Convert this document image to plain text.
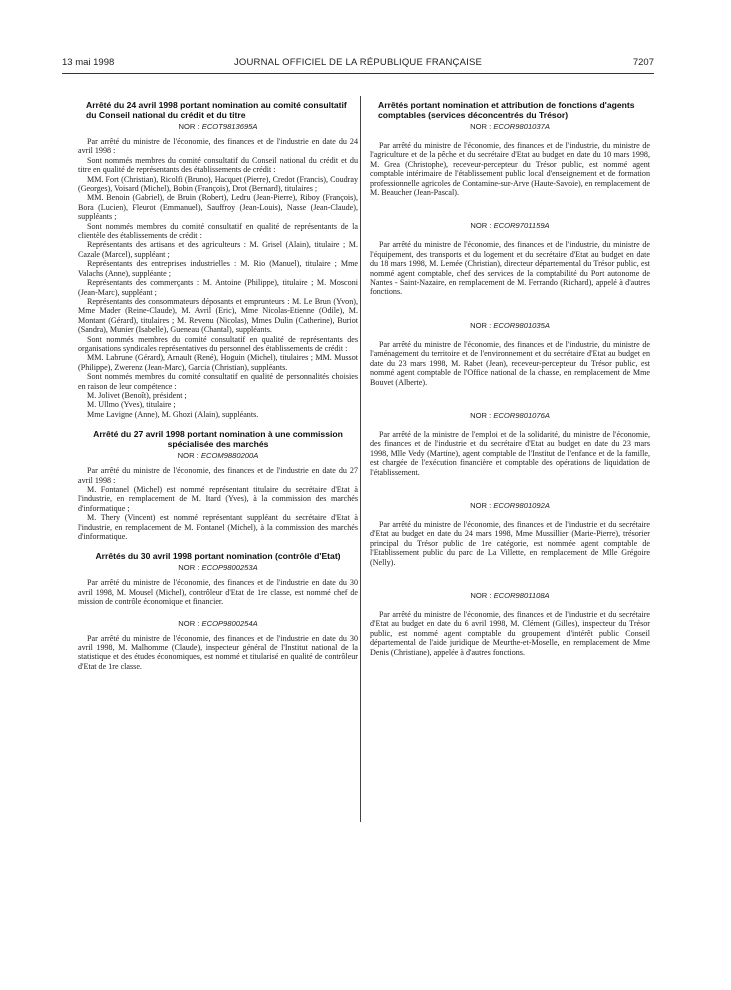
13 mai 1998	JOURNAL OFFICIEL DE LA RÉPUBLIQUE FRANÇAISE	7207
Arrêté du 24 avril 1998 portant nomination au comité consultatif du Conseil national du crédit et du titre
NOR : ECOT9813695A

Par arrêté du ministre de l'économie, des finances et de l'industrie en date du 24 avril 1998 :

Sont nommés membres du comité consultatif du Conseil national du crédit et du titre en qualité de représentants des établissements de crédit :

MM. Fort (Christian), Ricolfi (Bruno), Hacquet (Pierre), Credot (Francis), Coudray (Georges), Voisard (Michel), Bobin (François), Drot (Bernard), titulaires ;

MM. Benoin (Gabriel), de Bruin (Robert), Ledru (Jean-Pierre), Riboy (François), Bora (Lucien), Fleurot (Emmanuel), Sauffroy (Jean-Louis), Nasse (Jean-Claude), suppléants ;

Sont nommés membres du comité consultatif en qualité de représentants de la clientèle des établissements de crédit :

Représentants des artisans et des agriculteurs : M. Grisel (Alain), titulaire ; M. Cazale (Marcel), suppléant ;

Représentants des entreprises industrielles : M. Rio (Manuel), titulaire ; Mme Valachs (Anne), suppléante ;

Représentants des commerçants : M. Antoine (Philippe), titulaire ; M. Mosconi (Jean-Marc), suppléant ;

Représentants des consommateurs déposants et emprunteurs : M. Le Brun (Yvon), Mme Mader (Reine-Claude), M. Avril (Eric), Mme Nicolas-Etienne (Odile), M. Montant (Gérard), titulaires ; M. Revenu (Nicolas), Mmes Dulin (Catherine), Buriot (Sandra), Munier (Isabelle), Gueneau (Chantal), suppléants.

Sont nommés membres du comité consultatif en qualité de représentants des organisations syndicales représentatives du personnel des établissements de crédit :

MM. Labrune (Gérard), Arnault (René), Hoguin (Michel), titulaires ; MM. Mussot (Philippe), Zwerenz (Jean-Marc), Garcia (Christian), suppléants.

Sont nommés membres du comité consultatif en qualité de personnalités choisies en raison de leur compétence :

M. Jolivet (Benoît), président ;

M. Ullmo (Yves), titulaire ;

Mme Lavigne (Anne), M. Ghozi (Alain), suppléants.

Arrêté du 27 avril 1998 portant nomination à une commission spécialisée des marchés
NOR : ECOM9880200A

Par arrêté du ministre de l'économie, des finances et de l'industrie en date du 27 avril 1998 :

M. Fontanel (Michel) est nommé représentant titulaire du secrétaire d'Etat à l'industrie, en remplacement de M. Itard (Yves), à la commission des marchés d'informatique ;

M. Thery (Vincent) est nommé représentant suppléant du secrétaire d'Etat à l'industrie, en remplacement de M. Fontanel (Michel), à la commission des marchés d'informatique.

Arrêtés du 30 avril 1998 portant nomination (contrôle d'Etat)
NOR : ECOP9800253A

Par arrêté du ministre de l'économie, des finances et de l'industrie en date du 30 avril 1998, M. Mousel (Michel), contrôleur d'Etat de 1re classe, est nommé chef de mission de contrôle économique et financier.

NOR : ECOP9800254A

Par arrêté du ministre de l'économie, des finances et de l'industrie en date du 30 avril 1998, M. Malhomme (Claude), inspecteur général de l'Institut national de la statistique et des études économiques, est nommé et titularisé en qualité de contrôleur d'Etat de 1re classe.

Arrêtés portant nomination et attribution de fonctions d'agents comptables (services déconcentrés du Trésor)
NOR : ECOR9801037A

Par arrêté du ministre de l'économie, des finances et de l'industrie, du ministre de l'agriculture et de la pêche et du secrétaire d'Etat au budget en date du 10 mars 1998, M. Grea (Christophe), receveur-percepteur du Trésor public, est nommé agent comptable intérimaire de l'établissement public local d'enseignement et de formation professionnelle agricoles de Contamine-sur-Arve (Haute-Savoie), en remplacement de M. Beaucher (Jean-Pascal).

NOR : ECOR9701159A

Par arrêté du ministre de l'économie, des finances et de l'industrie, du ministre de l'équipement, des transports et du logement et du secrétaire d'Etat au budget en date du 18 mars 1998, M. Lemée (Christian), directeur départemental du Trésor public, est nommé agent comptable, chef des services de la comptabilité du Port autonome de Nantes - Saint-Nazaire, en remplacement de M. Ferrando (Richard), appelé à d'autres fonctions.

NOR : ECOR9801035A

Par arrêté du ministre de l'économie, des finances et de l'industrie, du ministre de l'aménagement du territoire et de l'environnement et du secrétaire d'Etat au budget en date du 23 mars 1998, M. Rabet (Jean), receveur-percepteur du Trésor public, est nommé agent comptable de l'Office national de la chasse, en remplacement de Mme Bouvet (Alberte).

NOR : ECOR9801076A

Par arrêté de la ministre de l'emploi et de la solidarité, du ministre de l'économie, des finances et de l'industrie et du secrétaire d'Etat au budget en date du 23 mars 1998, Mlle Vedy (Martine), agent comptable de l'Institut de l'enfance et de la famille, est chargée de l'exécution financière et comptable des opérations de liquidation de l'établissement.

NOR : ECOR9801092A

Par arrêté du ministre de l'économie, des finances et de l'industrie et du secrétaire d'Etat au budget en date du 24 mars 1998, Mme Mussillier (Marie-Pierre), trésorier principal du Trésor public de 1re catégorie, est nommée agent comptable de l'Etablissement public du parc de La Villette, en remplacement de Mlle Grégoire (Nelly).

NOR : ECOR9801108A

Par arrêté du ministre de l'économie, des finances et de l'industrie et du secrétaire d'Etat au budget en date du 6 avril 1998, M. Clément (Gilles), inspecteur du Trésor public, est nommé agent comptable du groupement d'intérêt public Conseil départemental de l'aide juridique de Meurthe-et-Moselle, en remplacement de Mme Denis (Christiane), appelée à d'autres fonctions.
